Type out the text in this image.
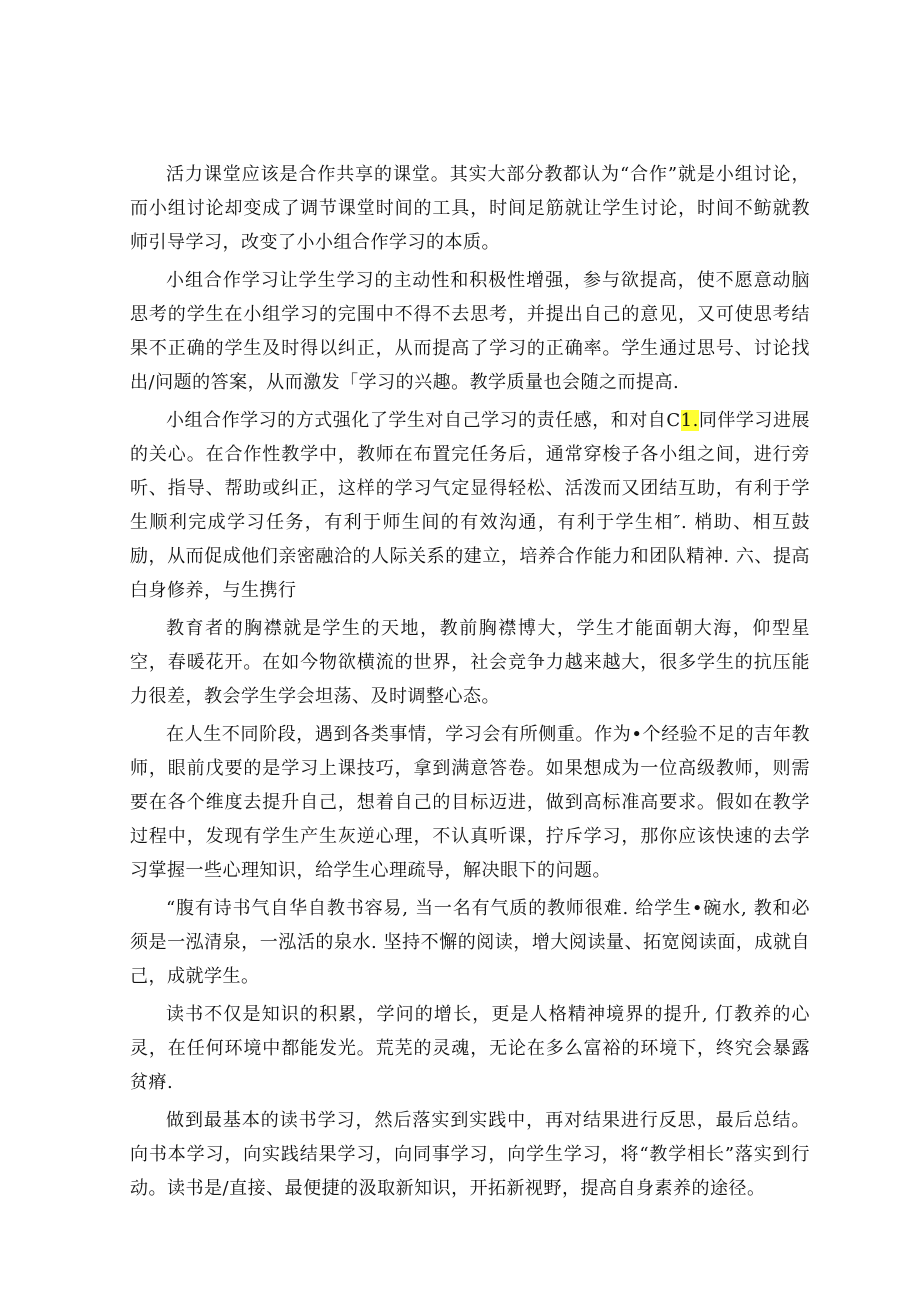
活力课堂应该是合作共享的课堂。其实大部分教都认为“合作”就是小组讨论，而小组讨论却变成了调节课堂时间的工具，时间足筋就让学生讨论，时间不鲂就教师引导学习，改变了小小组合作学习的本质。

小组合作学习让学生学习的主动性和积极性增强，参与欲提高，使不愿意动脑思考的学生在小组学习的完围中不得不去思考，并提出自己的意见，又可使思考结果不正确的学生及时得以纠正，从而提高了学习的正确率。学生通过思号、讨论找出/问题的答案，从而激发「学习的兴趣。教学质量也会随之而提高.

小组合作学习的方式强化了学生对自己学习的责任感，和对自C1.同伴学习进展的关心。在合作性教学中，教师在布置完任务后，通常穿梭子各小组之间，进行旁听、指导、帮助或纠正，这样的学习气定显得轻松、活泼而又团结互助，有利于学生顺利完成学习任务，有利于师生间的有效沟通，有利于学生相″. 梢助、相互鼓励，从而促成他们亲密融洽的人际关系的建立，培养合作能力和团队精神. 六、提高白身修养，与生携行

教育者的胸襟就是学生的天地，教前胸襟博大，学生才能面朝大海，仰型星空，春暖花开。在如今物欲横流的世界，社会竞争力越来越大，很多学生的抗压能力很差，教会学生学会坦荡、及时调整心态。

在人生不同阶段，遇到各类事情，学习会有所侧重。作为•个经验不足的吉年教师，眼前戊要的是学习上课技巧，拿到满意答卷。如果想成为一位高级教师，则需要在各个维度去提升自己，想着自己的目标迈进，做到高标准高要求。假如在教学过程中，发现有学生产生灰逆心理，不认真听课，拧斥学习，那你应该快速的去学习掌握一些心理知识，给学生心理疏导，解决眼下的问题。

“腹有诗书气自华自教书容易, 当一名有气质的教师很难. 给学生•碗水, 教和必须是一泓清泉，一泓活的泉水. 坚持不懈的阅读，增大阅读量、拓宽阅读面，成就自己，成就学生。

读书不仅是知识的积累，学问的增长，更是人格精神境界的提升, 仃教养的心灵，在任何环境中都能发光。荒芜的灵魂，无论在多么富裕的环境下，终究会暴露贫瘠.

做到最基本的读书学习，然后落实到实践中，再对结果进行反思，最后总结。向书本学习，向实践结果学习，向同事学习，向学生学习，将“教学相长”落实到行动。读书是/直接、最便捷的汲取新知识，开拓新视野，提高自身素养的途径。
